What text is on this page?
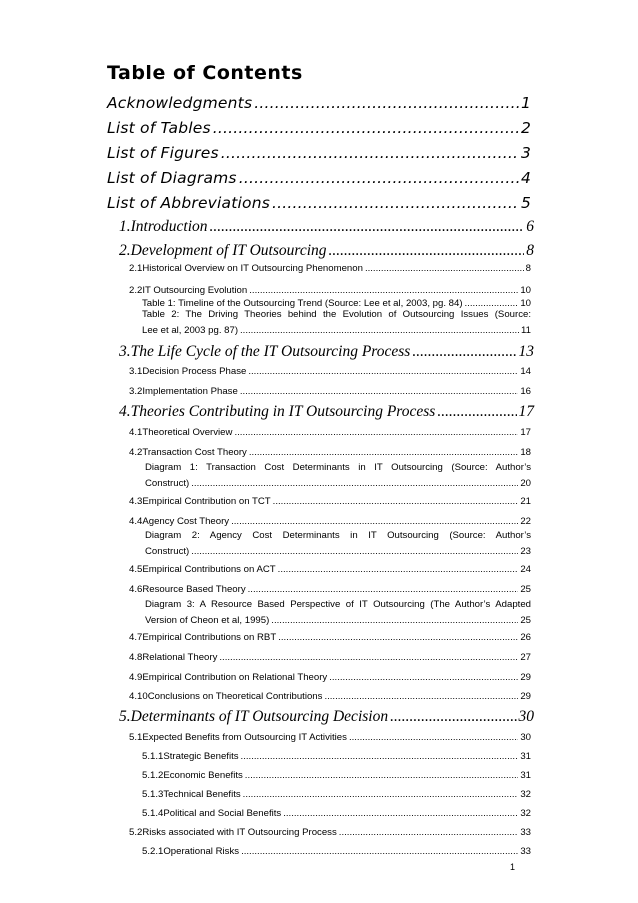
Table of Contents
Acknowledgments .....	1
List of Tables .....	2
List of Figures .....	3
List of Diagrams .....	4
List of Abbreviations .....	5
1. Introduction .....	6
2. Development of IT Outsourcing .....	8
2.1 Historical Overview on IT Outsourcing Phenomenon .....	8
2.2 IT Outsourcing Evolution .....	10
Table 1: Timeline of the Outsourcing Trend (Source: Lee et al, 2003, pg. 84) .....	10
Table 2: The Driving Theories behind the Evolution of Outsourcing Issues (Source:
Lee et al, 2003 pg. 87) .....	11
3. The Life Cycle of the IT Outsourcing Process .....	13
3.1 Decision Process Phase .....	14
3.2 Implementation Phase .....	16
4. Theories Contributing in IT Outsourcing Process .....	17
4.1 Theoretical Overview .....	17
4.2 Transaction Cost Theory .....	18
Diagram 1: Transaction Cost Determinants in IT Outsourcing (Source: Author’s
Construct) .....	20
4.3 Empirical Contribution on TCT .....	21
4.4 Agency Cost Theory .....	22
Diagram 2: Agency Cost Determinants in IT Outsourcing (Source: Author’s
Construct) .....	23
4.5 Empirical Contributions on ACT .....	24
4.6 Resource Based Theory .....	25
Diagram 3: A Resource Based Perspective of IT Outsourcing (The Author’s Adapted
Version of Cheon et al, 1995) .....	25
4.7 Empirical Contributions on RBT .....	26
4.8 Relational Theory .....	27
4.9 Empirical Contribution on Relational Theory .....	29
4.10 Conclusions on Theoretical Contributions .....	29
5. Determinants of IT Outsourcing Decision .....	30
5.1 Expected Benefits from Outsourcing IT Activities .....	30
5.1.1 Strategic Benefits .....	31
5.1.2 Economic Benefits .....	31
5.1.3 Technical Benefits .....	32
5.1.4 Political and Social Benefits .....	32
5.2 Risks associated with IT Outsourcing Process .....	33
5.2.1 Operational Risks .....	33
1
